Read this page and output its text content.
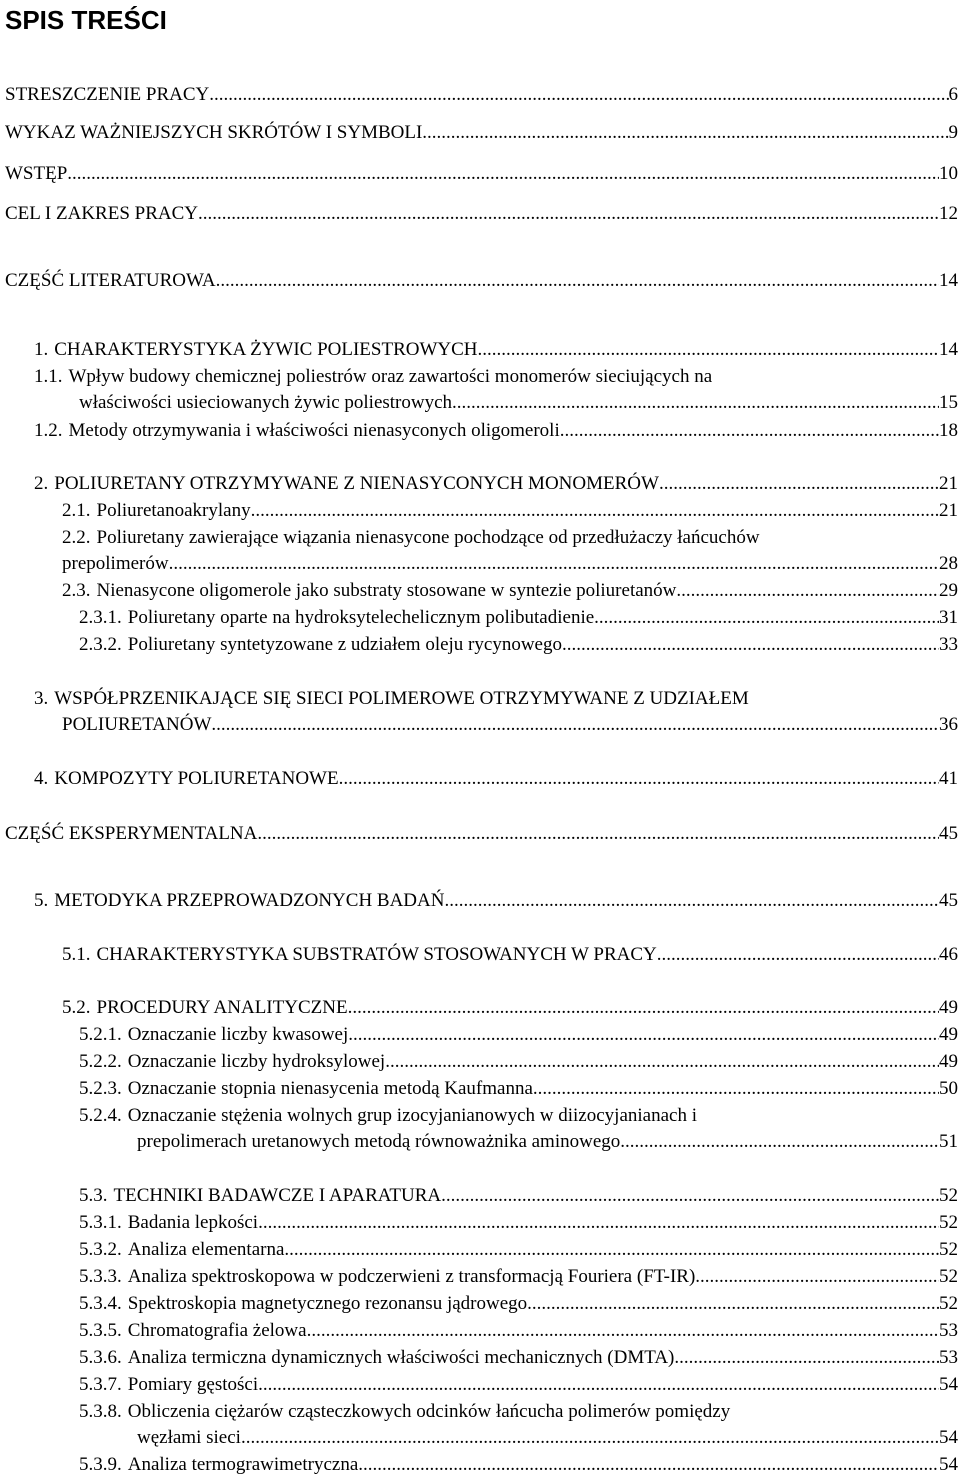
SPIS TREŚCI
STRESZCZENIE PRACY .....	6
WYKAZ WAŻNIEJSZYCH SKRÓTÓW I SYMBOLI .....	9
WSTĘP .....	10
CEL I ZAKRES PRACY .....	12
CZĘŚĆ LITERATUROWA .....	14
1. CHARAKTERYSTYKA ŻYWIC POLIESTROWYCH .....	14
1.1. Wpływ budowy chemicznej poliestrów oraz zawartości monomerów sieciujących na
właściwości usieciowanych żywic poliestrowych .....	15
1.2. Metody otrzymywania i właściwości nienasyconych oligomeroli .....	18
2. POLIURETANY OTRZYMYWANE Z NIENASYCONYCH MONOMERÓW .....	21
2.1. Poliuretanoakrylany .....	21
2.2. Poliuretany zawierające wiązania nienasycone pochodzące od przedłużaczy łańcuchów
prepolimerów .....	28
2.3. Nienasycone oligomerole jako substraty stosowane w syntezie poliuretanów .....	29
2.3.1. Poliuretany oparte na hydroksytelechelicznym polibutadienie .....	31
2.3.2. Poliuretany syntetyzowane z udziałem oleju rycynowego .....	33
3. WSPÓŁPRZENIKAJĄCE SIĘ SIECI POLIMEROWE OTRZYMYWANE Z UDZIAŁEM
POLIURETANÓW .....	36
4. KOMPOZYTY POLIURETANOWE .....	41
CZĘŚĆ EKSPERYMENTALNA .....	45
5. METODYKA PRZEPROWADZONYCH BADAŃ .....	45
5.1. CHARAKTERYSTYKA SUBSTRATÓW STOSOWANYCH W PRACY .....	46
5.2. PROCEDURY ANALITYCZNE .....	49
5.2.1. Oznaczanie liczby kwasowej .....	49
5.2.2. Oznaczanie liczby hydroksylowej .....	49
5.2.3. Oznaczanie stopnia nienasycenia metodą Kaufmanna .....	50
5.2.4. Oznaczanie stężenia wolnych grup izocyjanianowych w diizocyjanianach i
prepolimerach uretanowych metodą równoważnika aminowego .....	51
5.3. TECHNIKI BADAWCZE I APARATURA .....	52
5.3.1. Badania lepkości .....	52
5.3.2. Analiza elementarna .....	52
5.3.3. Analiza spektroskopowa w podczerwieni z transformacją Fouriera (FT-IR) .....	52
5.3.4. Spektroskopia magnetycznego rezonansu jądrowego .....	52
5.3.5. Chromatografia żelowa .....	53
5.3.6. Analiza termiczna dynamicznych właściwości mechanicznych (DMTA) .....	53
5.3.7. Pomiary gęstości .....	54
5.3.8. Obliczenia ciężarów cząsteczkowych odcinków łańcucha polimerów pomiędzy
węzłami sieci .....	54
5.3.9. Analiza termograwimetryczna .....	54
